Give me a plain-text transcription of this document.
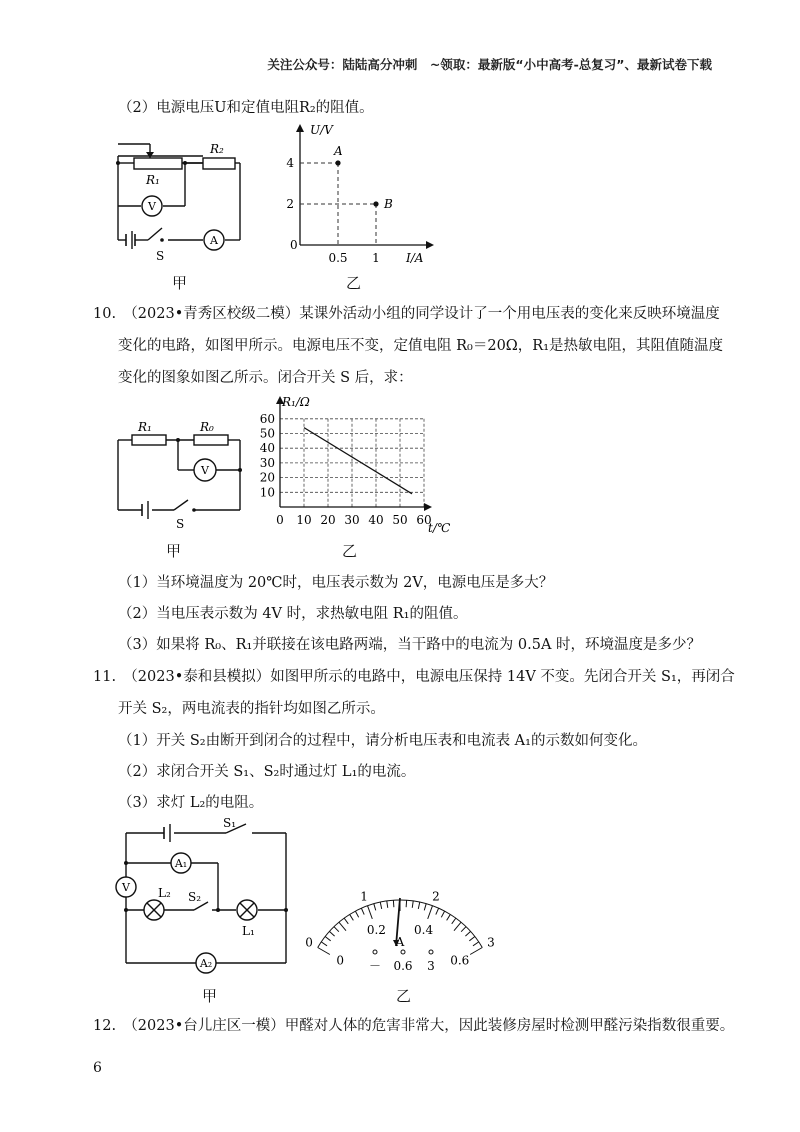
关注公众号：陆陆高分冲刺　~领取：最新版“小中高考-总复习”、最新试卷下载
（2）电源电压U和定值电阻R₂的阻值。
V
A
R₁
R₂
S
甲
A
0.5
B
1
4
2
0
U/V
I/A
乙
10.　（2023•青秀区校级二模）某课外活动小组的同学设计了一个用电压表的变化来反映环境温度
变化的电路，如图甲所示。电源电压不变，定值电阻 R₀＝20Ω，R₁是热敏电阻，其阻值随温度
变化的图象如图乙所示。闭合开关 S 后，求：
V
R₁	R₀
S
甲
0 10 20 30 40 50 60
10
20
30
40
50
60
R₁/Ω
t/℃
乙
（1）当环境温度为 20℃时，电压表示数为 2V，电源电压是多大？
（2）当电压表示数为 4V 时，求热敏电阻 R₁的阻值。
（3）如果将 R₀、R₁并联接在该电路两端，当干路中的电流为 0.5A 时，环境温度是多少？
11.　（2023•泰和县模拟）如图甲所示的电路中，电源电压保持 14V 不变。先闭合开关 S₁，再闭合
开关 S₂，两电流表的指针均如图乙所示。
（1）开关 S₂由断开到闭合的过程中，请分析电压表和电流表 A₁的示数如何变化。
（2）求闭合开关 S₁、S₂时通过灯 L₁的电流。
（3）求灯 L₂的电阻。
V
A₁
A₂
S₁
S₂
L₂
L₁
甲
0
1	2
3
0
0.2 0.4
0.6
A
－ 0.6 3
乙
12.　（2023•台儿庄区一模）甲醛对人体的危害非常大，因此装修房屋时检测甲醛污染指数很重要。
6
